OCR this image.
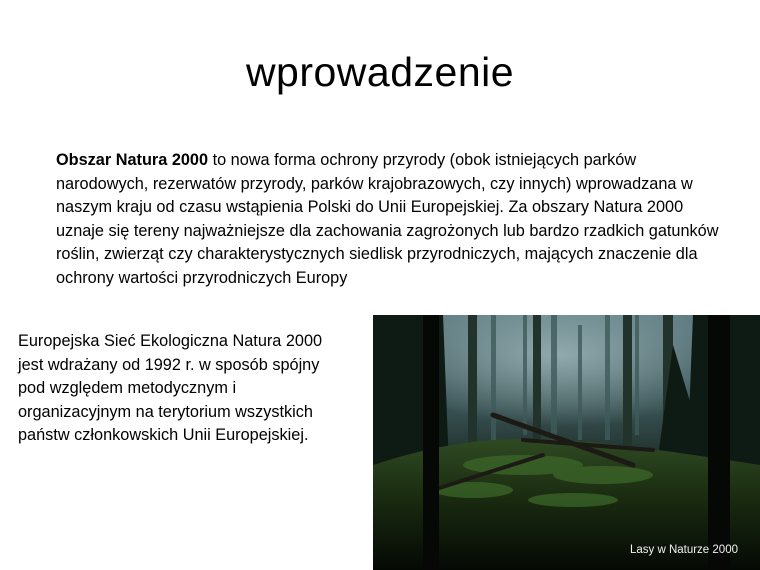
wprowadzenie
Obszar Natura 2000 to nowa forma ochrony przyrody (obok istniejących parków narodowych, rezerwatów przyrody, parków krajobrazowych, czy innych) wprowadzana w naszym kraju od czasu wstąpienia Polski do Unii Europejskiej. Za obszary Natura 2000 uznaje się tereny najważniejsze dla zachowania zagrożonych lub bardzo rzadkich gatunków roślin, zwierząt czy charakterystycznych siedlisk przyrodniczych, mających znaczenie dla ochrony wartości przyrodniczych Europy
Europejska Sieć Ekologiczna Natura 2000 jest wdrażany od 1992 r. w sposób spójny pod względem metodycznym i organizacyjnym na terytorium wszystkich państw członkowskich Unii Europejskiej.
Lasy w Naturze 2000
